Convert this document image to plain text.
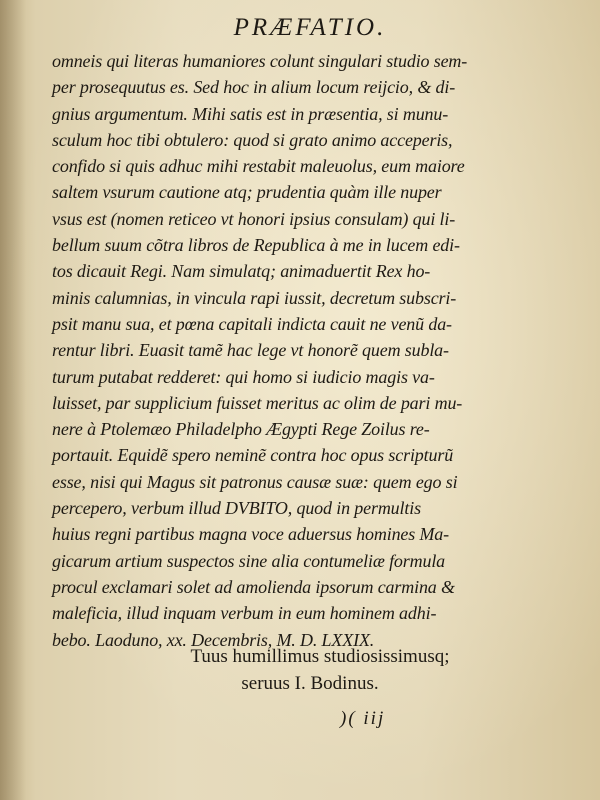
PRÆFATIO.
omneis qui literas humaniores colunt singulari studio sem-
per prosequutus es. Sed hoc in alium locum reijcio, & di-
gnius argumentum. Mihi satis est in præsentia, si munu-
sculum hoc tibi obtulero: quod si grato animo acceperis,
confido si quis adhuc mihi restabit maleuolus, eum maiore
saltem vsurum cautione atq; prudentia quàm ille nuper
vsus est (nomen reticeo vt honori ipsius consulam) qui li-
bellum suum cõtra libros de Republica à me in lucem edi-
tos dicauit Regi. Nam simulatq; animaduertit Rex ho-
minis calumnias, in vincula rapi iussit, decretum subscri-
psit manu sua, et pœna capitali indicta cauit ne venũ da-
rentur libri. Euasit tamẽ hac lege vt honorẽ quem subla-
turum putabat redderet: qui homo si iudicio magis va-
luisset, par supplicium fuisset meritus ac olim de pari mu-
nere à Ptolemæo Philadelpho Ægypti Rege Zoilus re-
portauit. Equidẽ spero neminẽ contra hoc opus scripturũ
esse, nisi qui Magus sit patronus causæ suæ: quem ego si
percepero, verbum illud DVBITO, quod in permultis
huius regni partibus magna voce aduersus homines Ma-
gicarum artium suspectos sine alia contumeliæ formula
procul exclamari solet ad amolienda ipsorum carmina &
maleficia, illud inquam verbum in eum hominem adhi-
bebo. Laoduno, xx. Decembris, M. D. LXXIX.
Tuus humillimus studiosissimusq;
seruus I. Bodinus.
)( iij
